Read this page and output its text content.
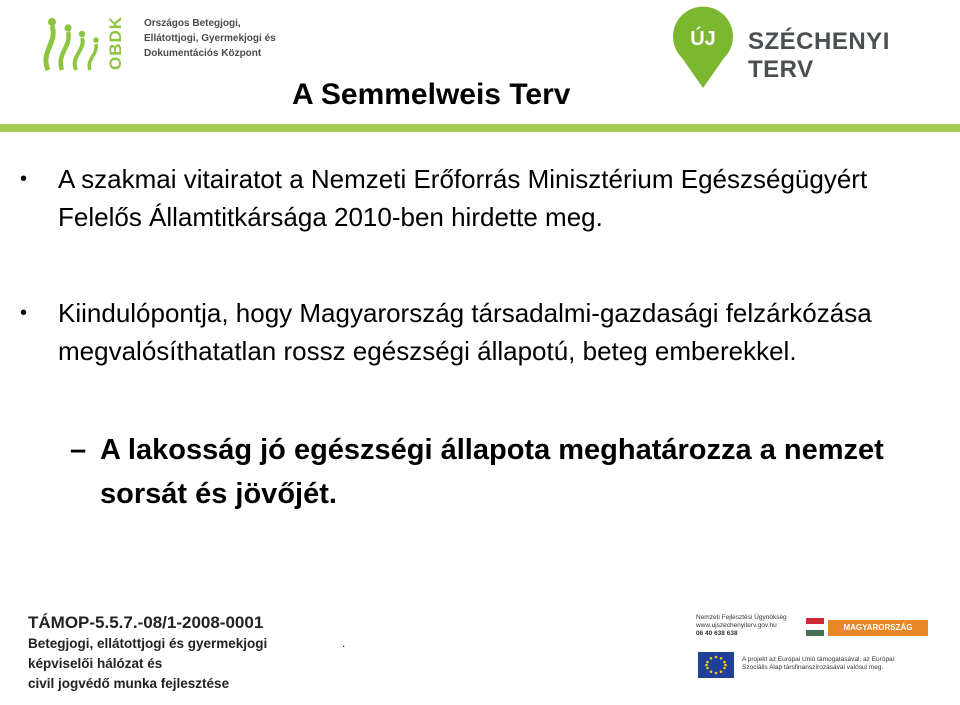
OBDK Országos Betegjogi,
Ellátottjogi, Gyermekjogi és
Dokumentációs Központ
ÚJ	SZÉCHENYI TERV
A Semmelweis Terv
• A szakmai vitairatot a Nemzeti Erőforrás Minisztérium Egészségügyért Felelős Államtitkársága 2010-ben hirdette meg.
• Kiindulópontja, hogy Magyarország társadalmi-gazdasági felzárkózása megvalósíthatatlan rossz egészségi állapotú, beteg emberekkel.
– A lakosság jó egészségi állapota meghatározza a nemzet sorsát és jövőjét.
TÁMOP-5.5.7.-08/1-2008-0001
Betegjogi, ellátottjogi és gyermekjogi
képviselői hálózat és
civil jogvédő munka fejlesztése
.
Nemzeti Fejlesztési Ügynökség
www.ujszechenyiterv.gov.hu
06 40 638 638
MAGYARORSZÁG MEGÚJUL
A projekt az Európai Unió támogatásával, az Európai
Szociális Alap társfinanszírozásával valósul meg.
